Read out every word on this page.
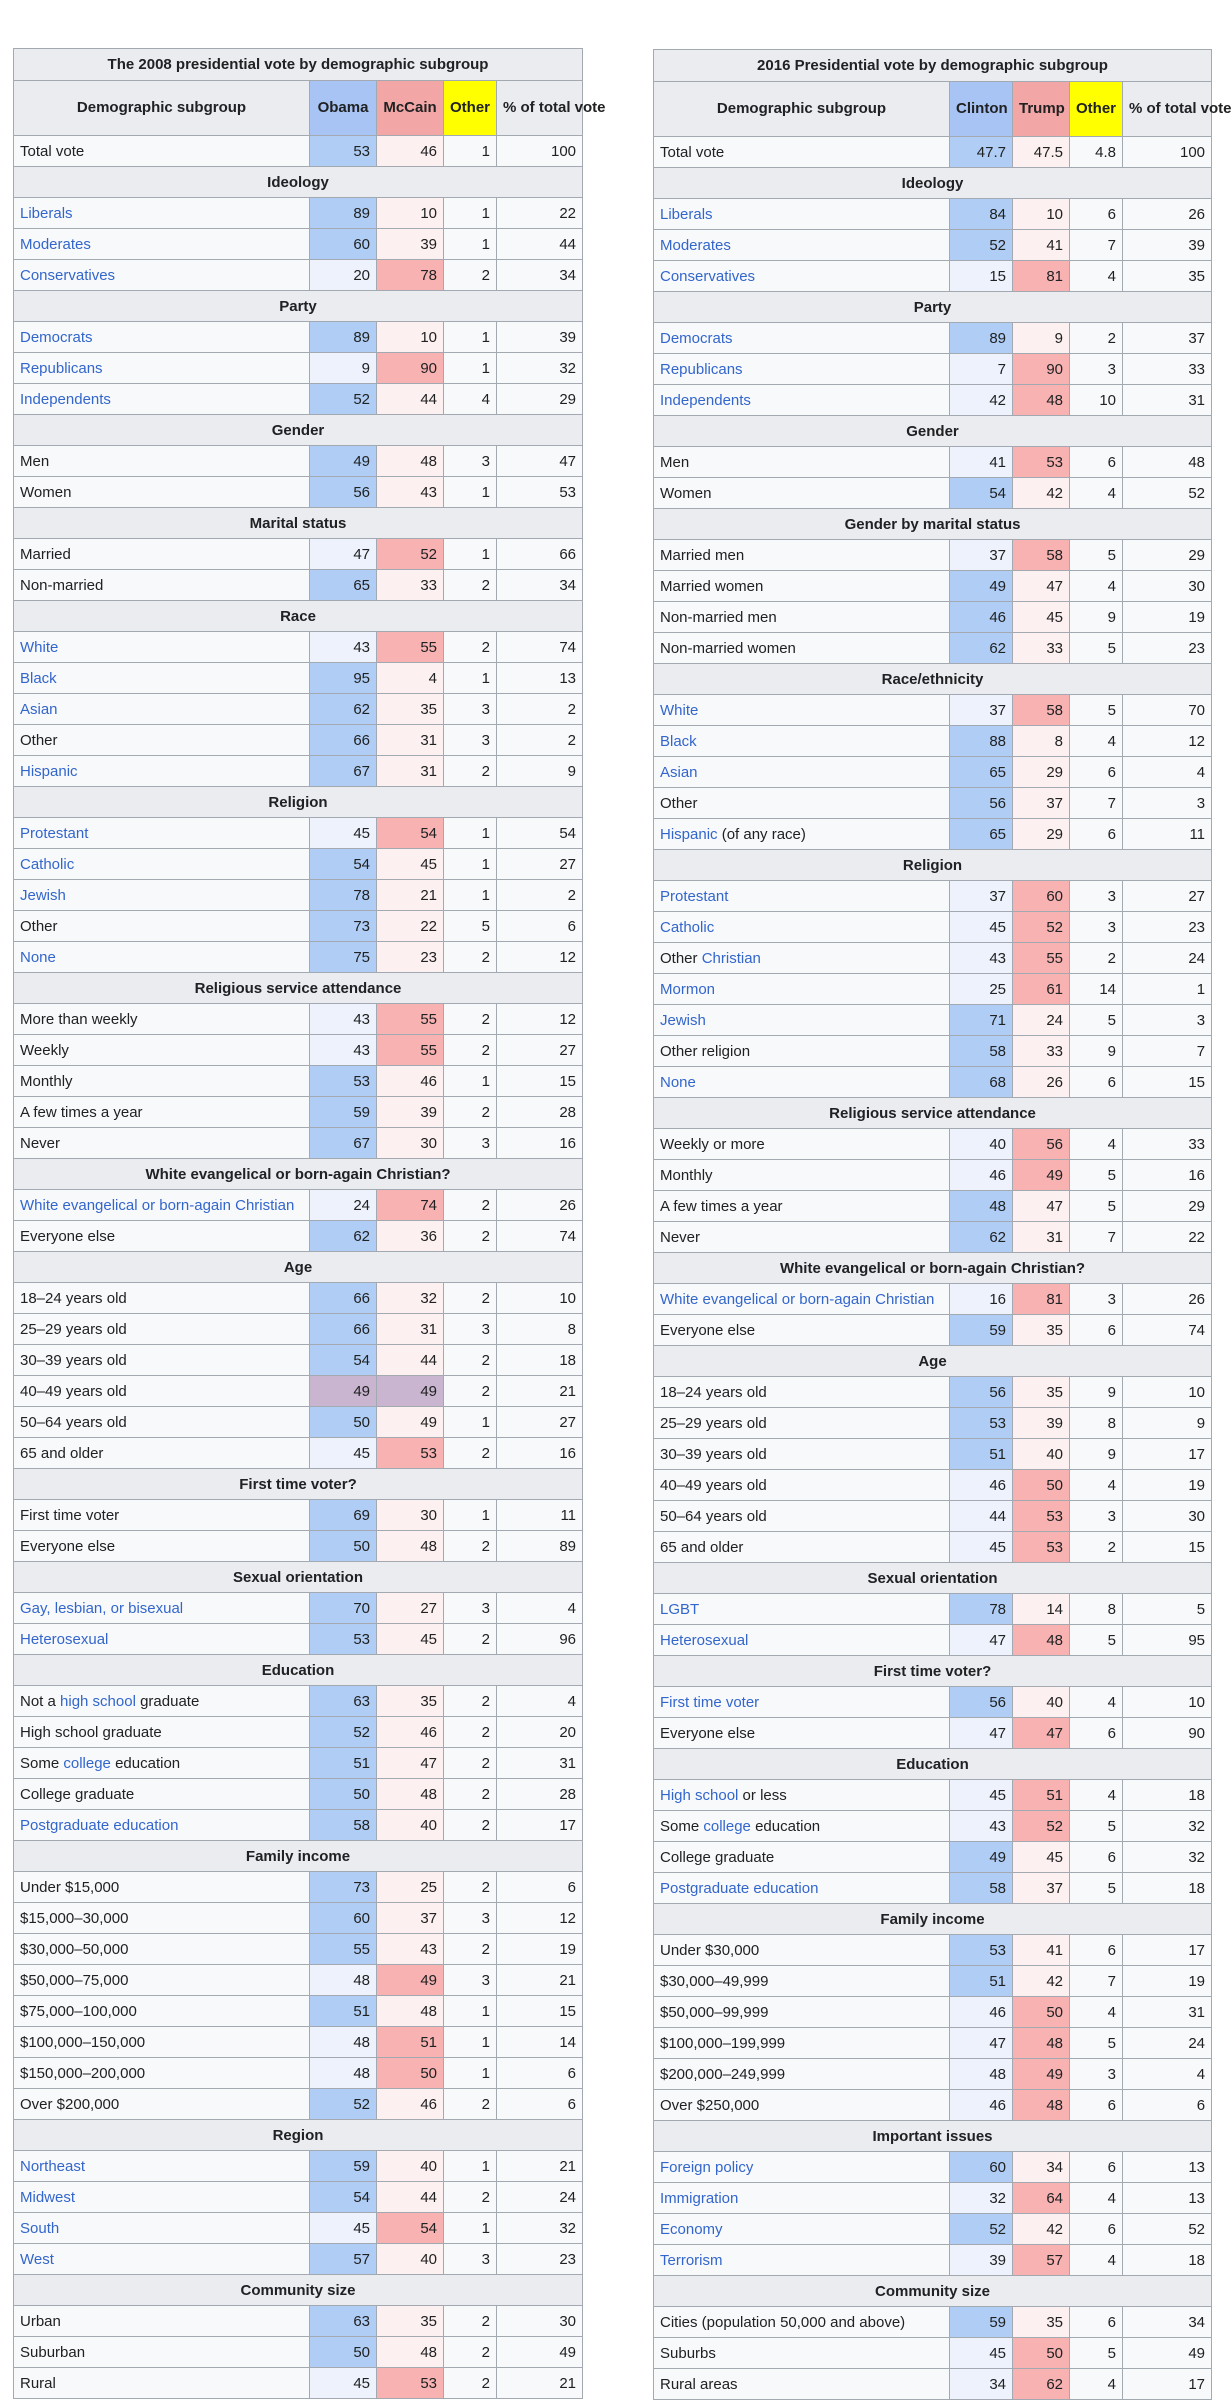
The 2008 presidential vote by demographic subgroup				
Demographic subgroup	Obama	McCain	Other	% of total vote
Total vote	53	46	1	100
Ideology				
Liberals	89	10	1	22
Moderates	60	39	1	44
Conservatives	20	78	2	34
Party				
Democrats	89	10	1	39
Republicans	9	90	1	32
Independents	52	44	4	29
Gender				
Men	49	48	3	47
Women	56	43	1	53
Marital status				
Married	47	52	1	66
Non-married	65	33	2	34
Race				
White	43	55	2	74
Black	95	4	1	13
Asian	62	35	3	2
Other	66	31	3	2
Hispanic	67	31	2	9
Religion				
Protestant	45	54	1	54
Catholic	54	45	1	27
Jewish	78	21	1	2
Other	73	22	5	6
None	75	23	2	12
Religious service attendance				
More than weekly	43	55	2	12
Weekly	43	55	2	27
Monthly	53	46	1	15
A few times a year	59	39	2	28
Never	67	30	3	16
White evangelical or born-again Christian?				
White evangelical or born-again Christian	24	74	2	26
Everyone else	62	36	2	74
Age				
18–24 years old	66	32	2	10
25–29 years old	66	31	3	8
30–39 years old	54	44	2	18
40–49 years old	49	49	2	21
50–64 years old	50	49	1	27
65 and older	45	53	2	16
First time voter?				
First time voter	69	30	1	11
Everyone else	50	48	2	89
Sexual orientation				
Gay, lesbian, or bisexual	70	27	3	4
Heterosexual	53	45	2	96
Education				
Not a high school graduate	63	35	2	4
High school graduate	52	46	2	20
Some college education	51	47	2	31
College graduate	50	48	2	28
Postgraduate education	58	40	2	17
Family income				
Under $15,000	73	25	2	6
$15,000–30,000	60	37	3	12
$30,000–50,000	55	43	2	19
$50,000–75,000	48	49	3	21
$75,000–100,000	51	48	1	15
$100,000–150,000	48	51	1	14
$150,000–200,000	48	50	1	6
Over $200,000	52	46	2	6
Region				
Northeast	59	40	1	21
Midwest	54	44	2	24
South	45	54	1	32
West	57	40	3	23
Community size				
Urban	63	35	2	30
Suburban	50	48	2	49
Rural	45	53	2	21
2016 Presidential vote by demographic subgroup				
Demographic subgroup	Clinton	Trump	Other	% of total vote
Total vote	47.7	47.5	4.8	100
Ideology				
Liberals	84	10	6	26
Moderates	52	41	7	39
Conservatives	15	81	4	35
Party				
Democrats	89	9	2	37
Republicans	7	90	3	33
Independents	42	48	10	31
Gender				
Men	41	53	6	48
Women	54	42	4	52
Gender by marital status				
Married men	37	58	5	29
Married women	49	47	4	30
Non-married men	46	45	9	19
Non-married women	62	33	5	23
Race/ethnicity				
White	37	58	5	70
Black	88	8	4	12
Asian	65	29	6	4
Other	56	37	7	3
Hispanic (of any race)	65	29	6	11
Religion				
Protestant	37	60	3	27
Catholic	45	52	3	23
Other Christian	43	55	2	24
Mormon	25	61	14	1
Jewish	71	24	5	3
Other religion	58	33	9	7
None	68	26	6	15
Religious service attendance				
Weekly or more	40	56	4	33
Monthly	46	49	5	16
A few times a year	48	47	5	29
Never	62	31	7	22
White evangelical or born-again Christian?				
White evangelical or born-again Christian	16	81	3	26
Everyone else	59	35	6	74
Age				
18–24 years old	56	35	9	10
25–29 years old	53	39	8	9
30–39 years old	51	40	9	17
40–49 years old	46	50	4	19
50–64 years old	44	53	3	30
65 and older	45	53	2	15
Sexual orientation				
LGBT	78	14	8	5
Heterosexual	47	48	5	95
First time voter?				
First time voter	56	40	4	10
Everyone else	47	47	6	90
Education				
High school or less	45	51	4	18
Some college education	43	52	5	32
College graduate	49	45	6	32
Postgraduate education	58	37	5	18
Family income				
Under $30,000	53	41	6	17
$30,000–49,999	51	42	7	19
$50,000–99,999	46	50	4	31
$100,000–199,999	47	48	5	24
$200,000–249,999	48	49	3	4
Over $250,000	46	48	6	6
Important issues				
Foreign policy	60	34	6	13
Immigration	32	64	4	13
Economy	52	42	6	52
Terrorism	39	57	4	18
Community size				
Cities (population 50,000 and above)	59	35	6	34
Suburbs	45	50	5	49
Rural areas	34	62	4	17
